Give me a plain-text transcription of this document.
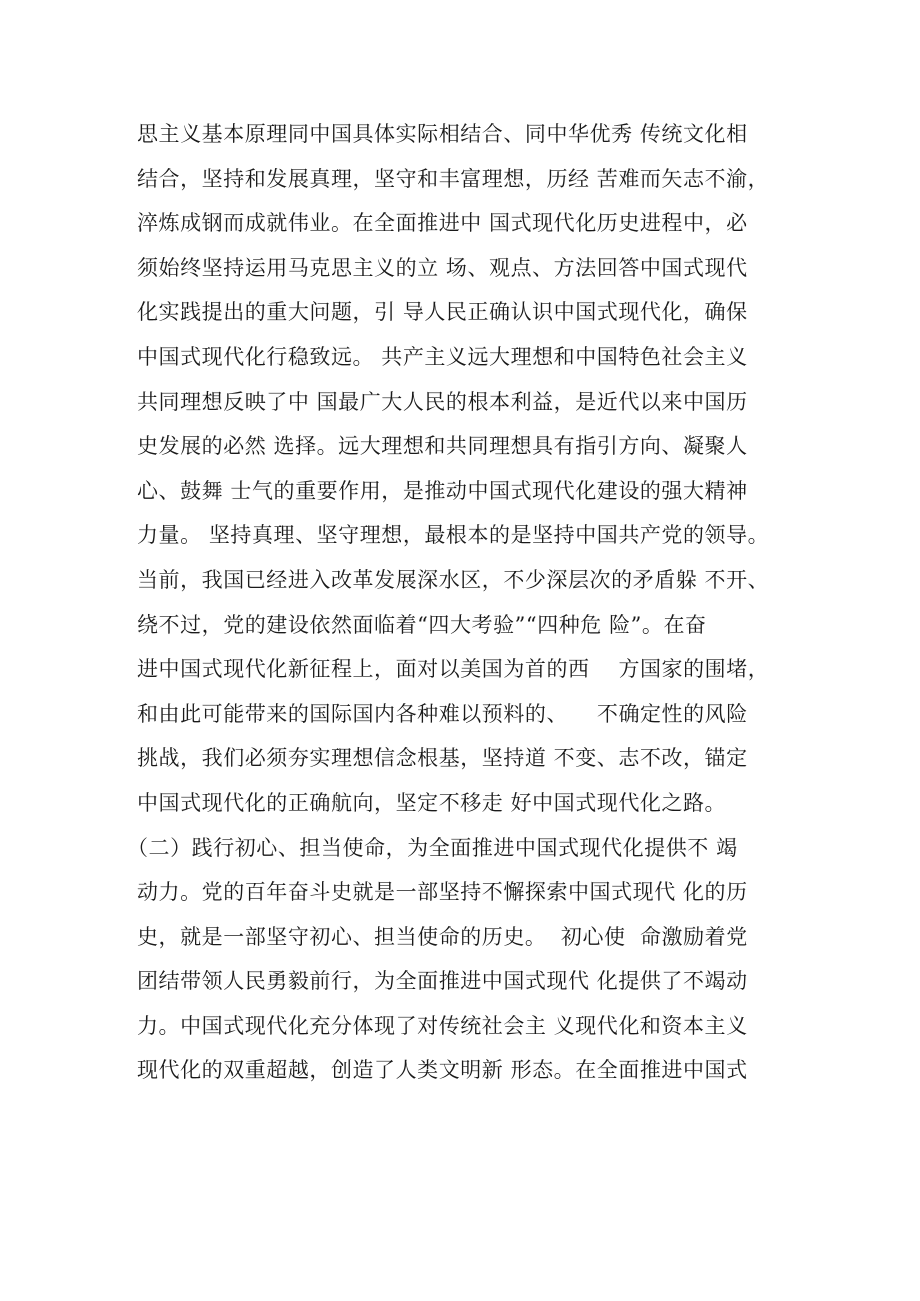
思主义基本原理同中国具体实际相结合、同中华优秀 传统文化相
结合，坚持和发展真理，坚守和丰富理想，历经 苦难而矢志不渝，
淬炼成钢而成就伟业。在全面推进中 国式现代化历史进程中，必
须始终坚持运用马克思主义的立 场、观点、方法回答中国式现代
化实践提出的重大问题，引 导人民正确认识中国式现代化，确保
中国式现代化行稳致远。 共产主义远大理想和中国特色社会主义
共同理想反映了中 国最广大人民的根本利益，是近代以来中国历
史发展的必然 选择。远大理想和共同理想具有指引方向、凝聚人
心、鼓舞 士气的重要作用，是推动中国式现代化建设的强大精神
力量。 坚持真理、坚守理想，最根本的是坚持中国共产党的领导。
当前，我国已经进入改革发展深水区，不少深层次的矛盾躲 不开、
绕不过，党的建设依然面临着“四大考验”“四种危 险”。在奋
进中国式现代化新征程上，面对以美国为首的西    方国家的围堵，
和由此可能带来的国际国内各种难以预料的、    不确定性的风险
挑战，我们必须夯实理想信念根基，坚持道 不变、志不改，锚定
中国式现代化的正确航向，坚定不移走 好中国式现代化之路。
（二）践行初心、担当使命，为全面推进中国式现代化提供不 竭
动力。党的百年奋斗史就是一部坚持不懈探索中国式现代 化的历
史，就是一部坚守初心、担当使命的历史。  初心使  命激励着党
团结带领人民勇毅前行，为全面推进中国式现代 化提供了不竭动
力。中国式现代化充分体现了对传统社会主 义现代化和资本主义
现代化的双重超越，创造了人类文明新 形态。在全面推进中国式
